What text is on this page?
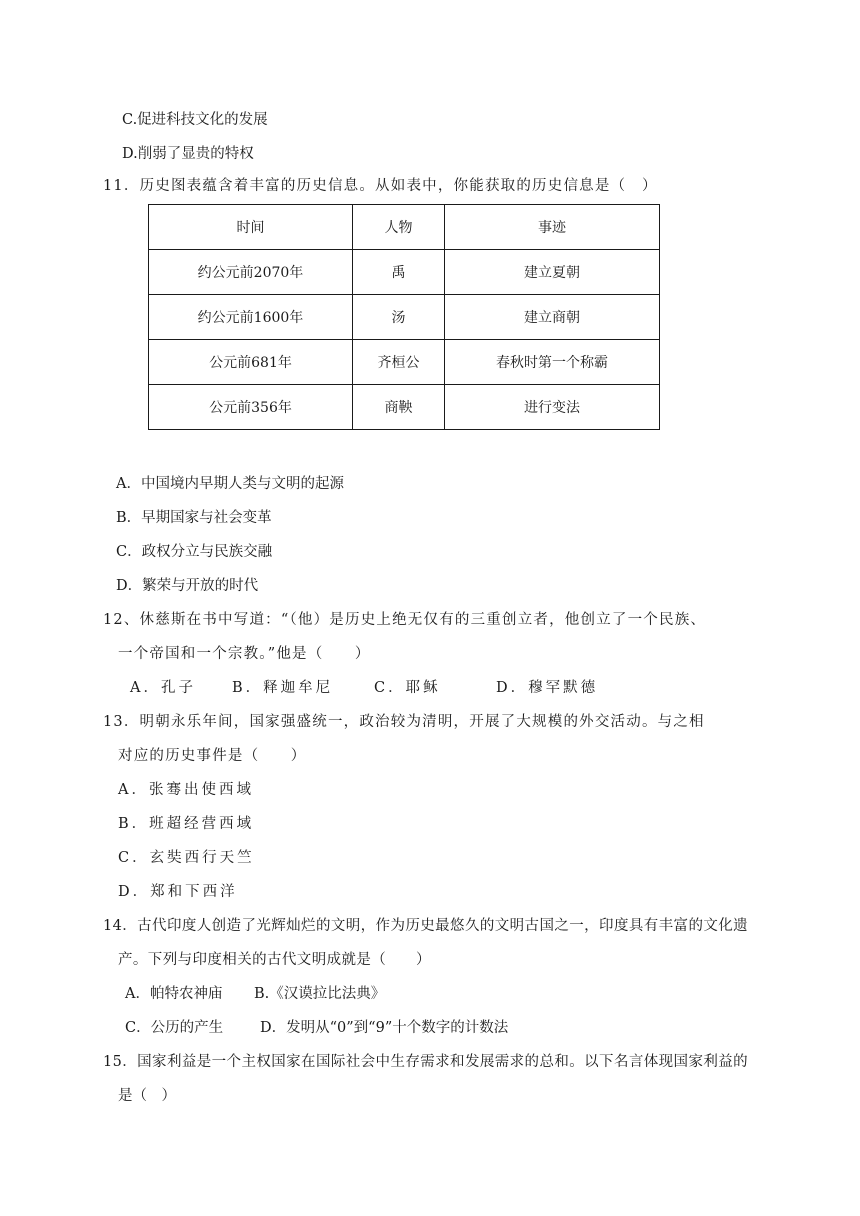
C.促进科技文化的发展
D.削弱了显贵的特权
11．历史图表蕴含着丰富的历史信息。从如表中，你能获取的历史信息是（　）
时间	人物	事迹
约公元前2070年	禹	建立夏朝
约公元前1600年	汤	建立商朝
公元前681年	齐桓公	春秋时第一个称霸
公元前356年	商鞅	进行变法
A．中国境内早期人类与文明的起源
B．早期国家与社会变革
C．政权分立与民族交融
D．繁荣与开放的时代
12、休慈斯在书中写道：“（他）是历史上绝无仅有的三重创立者，他创立了一个民族、
一个帝国和一个宗教。”他是（　　）
A．孔子 B．释迦牟尼	C．耶稣	D．穆罕默德
13．明朝永乐年间，国家强盛统一，政治较为清明，开展了大规模的外交活动。与之相
对应的历史事件是（　　）
A．张骞出使西域
B．班超经营西域
C．玄奘西行天竺
D．郑和下西洋
14．古代印度人创造了光辉灿烂的文明，作为历史最悠久的文明古国之一，印度具有丰富的文化遗
产。下列与印度相关的古代文明成就是（　　）
A．帕特农神庙 B.《汉谟拉比法典》
C．公历的产生	D．发明从“0”到“9”十个数字的计数法
15．国家利益是一个主权国家在国际社会中生存需求和发展需求的总和。以下名言体现国家利益的
是（　）
